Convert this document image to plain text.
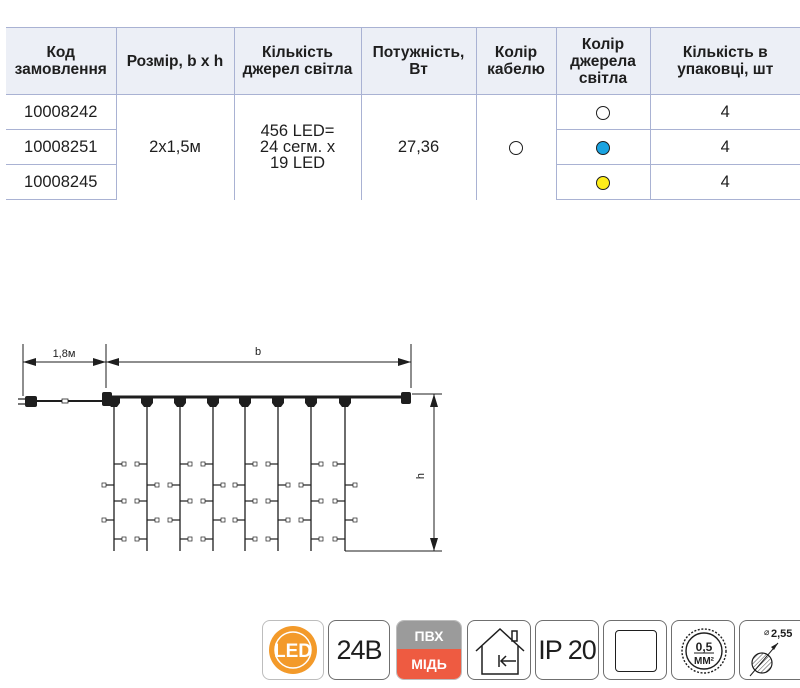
Код замовлення	Розмір, b x h	Кількість джерел світла	Потужність, Вт	Колір кабелю	Колір джерела світла	Кількість в упаковці, шт
10008242	2x1,5м	456 LED=
24 сегм. х
19 LED	27,36			4
10008251						4
10008245						4
1,8м	b
h
LED 24В	ПВХ
МІДЬ	IP 20	0,5
ММ²
⌀ 2,55
